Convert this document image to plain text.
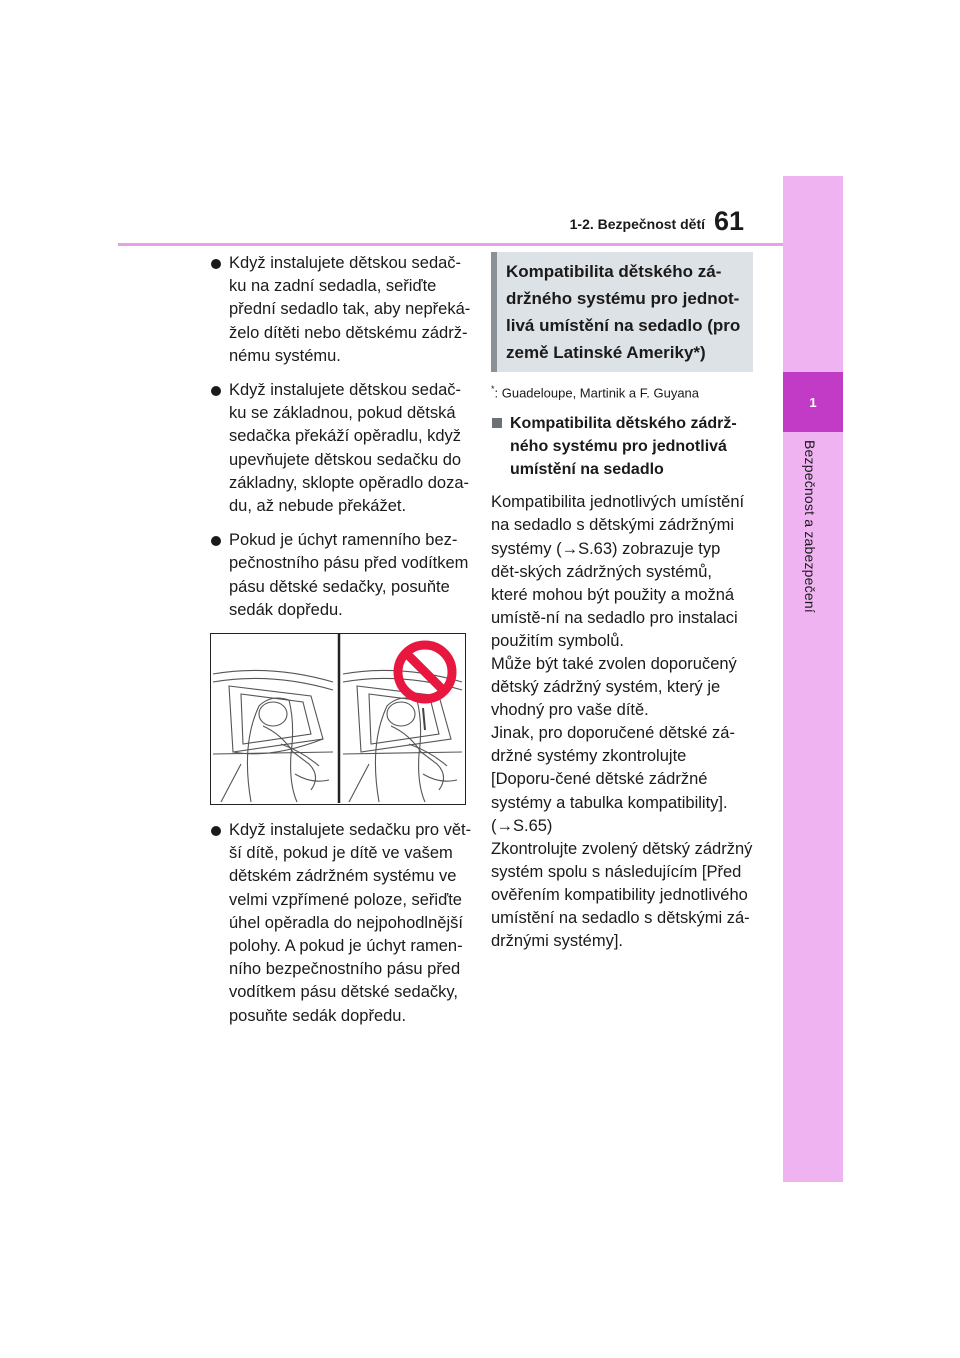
1-2. Bezpečnost dětí 61
1
Bezpečnost a zabezpečení
Když instalujete dětskou sedač-ku na zadní sedadla, seřiďte přední sedadlo tak, aby nepřeká-želo dítěti nebo dětskému zádrž-nému systému.
Když instalujete dětskou sedač-ku se základnou, pokud dětská sedačka překáží opěradlu, když upevňujete dětskou sedačku do základny, sklopte opěradlo doza-du, až nebude překážet.
Pokud je úchyt ramenního bez-pečnostního pásu před vodítkem pásu dětské sedačky, posuňte sedák dopředu.
Když instalujete sedačku pro vět-ší dítě, pokud je dítě ve vašem dětském zádržném systému ve velmi vzpřímené poloze, seřiďte úhel opěradla do nejpohodlnější polohy. A pokud je úchyt ramen-ního bezpečnostního pásu před vodítkem pásu dětské sedačky, posuňte sedák dopředu.
Kompatibilita dětského zá-držného systému pro jednot-livá umístění na sedadlo (pro země Latinské Ameriky*)
*: Guadeloupe, Martinik a F. Guyana
Kompatibilita dětského zádrž-ného systému pro jednotlivá umístění na sedadlo

Kompatibilita jednotlivých umístění na sedadlo s dětskými zádržnými systémy (→S.63) zobrazuje typ dět-ských zádržných systémů, které mohou být použity a možná umístě-ní na sedadlo pro instalaci použitím symbolů.

Může být také zvolen doporučený dětský zádržný systém, který je vhodný pro vaše dítě.

Jinak, pro doporučené dětské zá-držné systémy zkontrolujte [Doporu-čené dětské zádržné systémy a tabulka kompatibility]. (→S.65)

Zkontrolujte zvolený dětský zádržný systém spolu s následujícím [Před ověřením kompatibility jednotlivého umístění na sedadlo s dětskými zá-držnými systémy].
